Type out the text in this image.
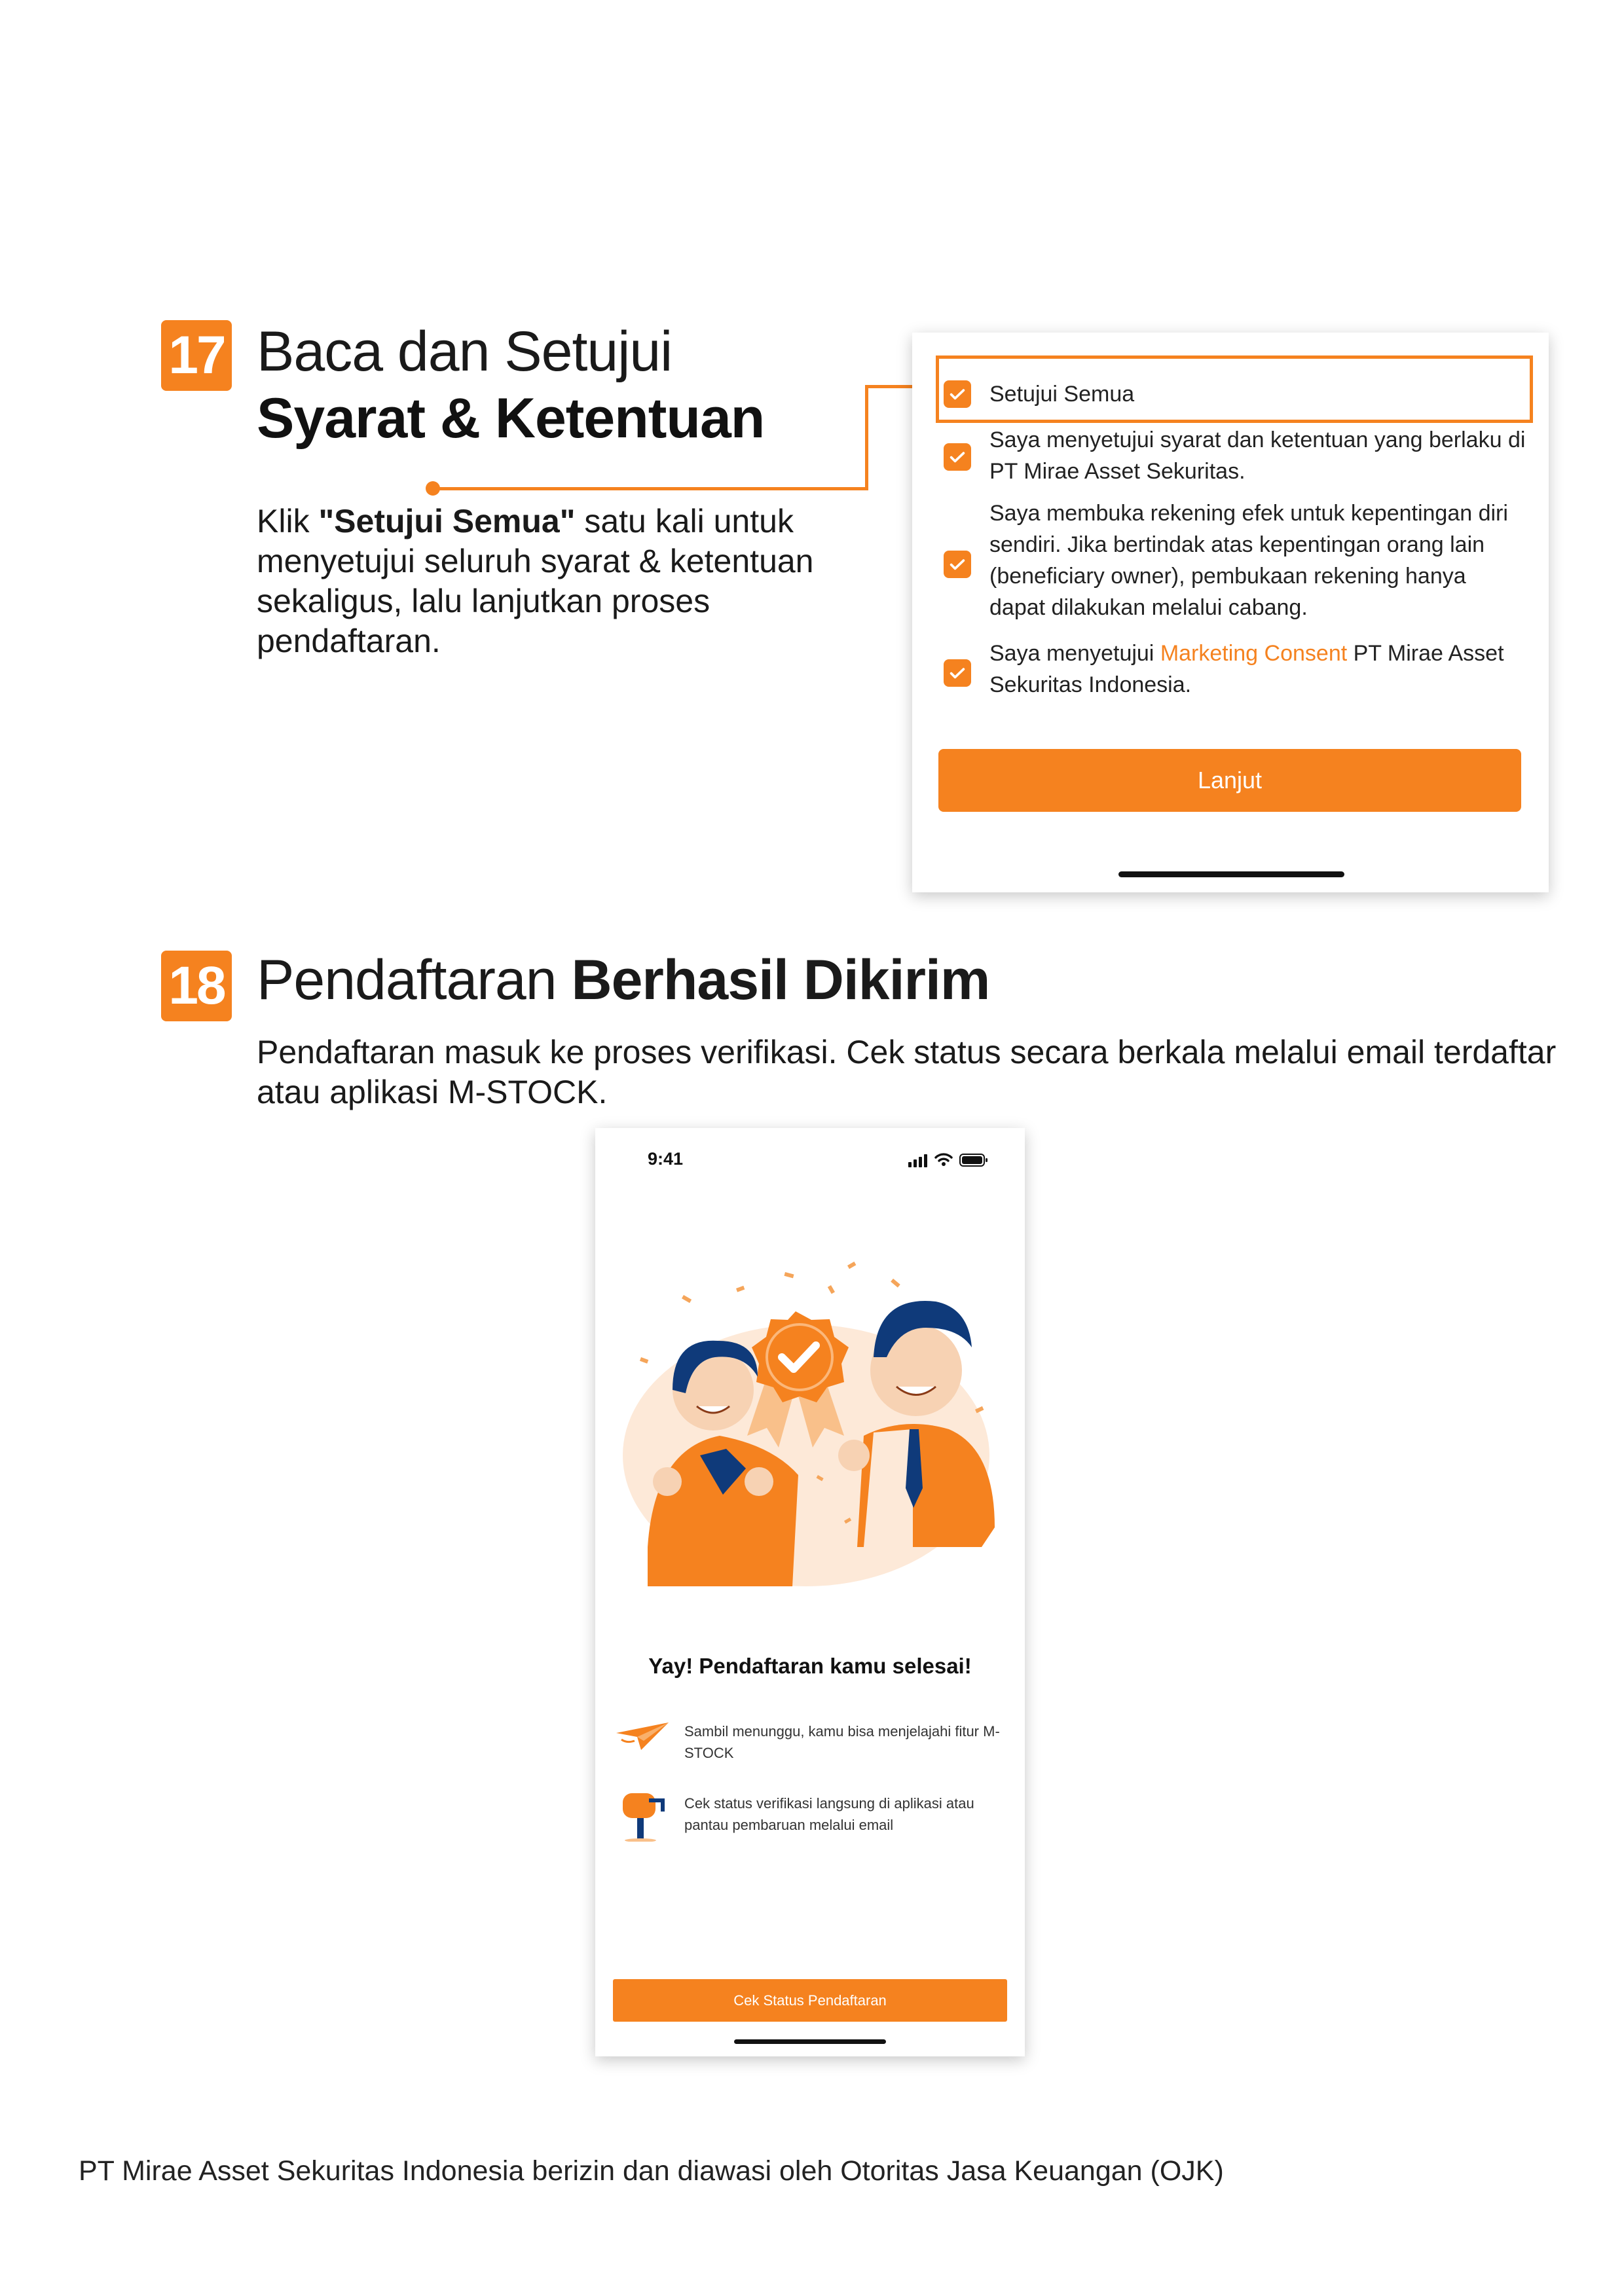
17 Baca dan Setujui
Syarat & Ketentuan
Klik "Setujui Semua" satu kali untuk menyetujui seluruh syarat & ketentuan sekaligus, lalu lanjutkan proses pendaftaran.
Setujui Semua
Saya menyetujui syarat dan ketentuan yang berlaku di PT Mirae Asset Sekuritas.
Saya membuka rekening efek untuk kepentingan diri sendiri. Jika bertindak atas kepentingan orang lain (beneficiary owner), pembukaan rekening hanya dapat dilakukan melalui cabang.
Saya menyetujui Marketing Consent PT Mirae Asset Sekuritas Indonesia.
Lanjut
18 Pendaftaran Berhasil Dikirim
Pendaftaran masuk ke proses verifikasi. Cek status secara berkala melalui email terdaftar atau aplikasi M-STOCK.
9:41
Yay! Pendaftaran kamu selesai!
Sambil menunggu, kamu bisa menjelajahi fitur M-STOCK
Cek status verifikasi langsung di aplikasi atau pantau pembaruan melalui email
Cek Status Pendaftaran
PT Mirae Asset Sekuritas Indonesia berizin dan diawasi oleh Otoritas Jasa Keuangan (OJK)
